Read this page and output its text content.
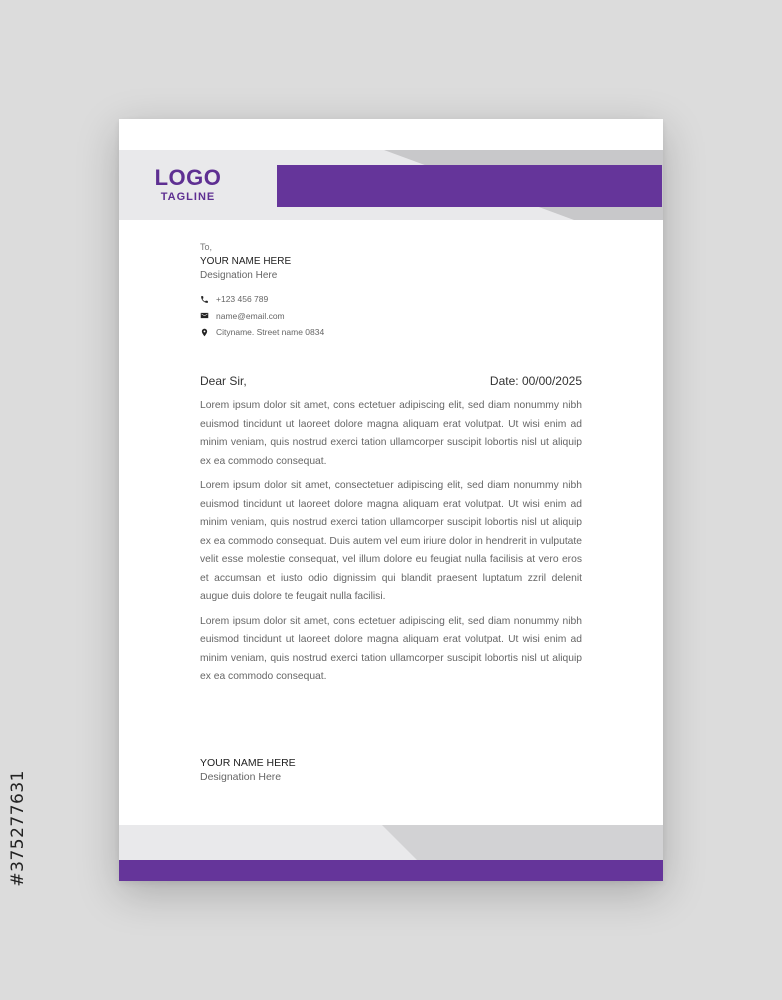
#375277631
LOGO
TAGLINE
To,
YOUR NAME HERE
Designation Here
+123 456 789
name@email.com
Cityname. Street name 0834
Dear Sir,	Date: 00/00/2025

Lorem ipsum dolor sit amet, cons ectetuer adipiscing elit, sed diam nonummy nibh euismod tincidunt ut laoreet dolore magna aliquam erat volutpat. Ut wisi enim ad minim veniam, quis nostrud exerci tation ullamcorper suscipit lobortis nisl ut aliquip ex ea commodo consequat.

Lorem ipsum dolor sit amet, consectetuer adipiscing elit, sed diam nonummy nibh euismod tincidunt ut laoreet dolore magna aliquam erat volutpat. Ut wisi enim ad minim veniam, quis nostrud exerci tation ullamcorper suscipit lobortis nisl ut aliquip ex ea commodo consequat. Duis autem vel eum iriure dolor in hendrerit in vulputate velit esse molestie consequat, vel illum dolore eu feugiat nulla facilisis at vero eros et accumsan et iusto odio dignissim qui blandit praesent luptatum zzril delenit augue duis dolore te feugait nulla facilisi.

Lorem ipsum dolor sit amet, cons ectetuer adipiscing elit, sed diam nonummy nibh euismod tincidunt ut laoreet dolore magna aliquam erat volutpat. Ut wisi enim ad minim veniam, quis nostrud exerci tation ullamcorper suscipit lobortis nisl ut aliquip ex ea commodo consequat.

YOUR NAME HERE
Designation Here
